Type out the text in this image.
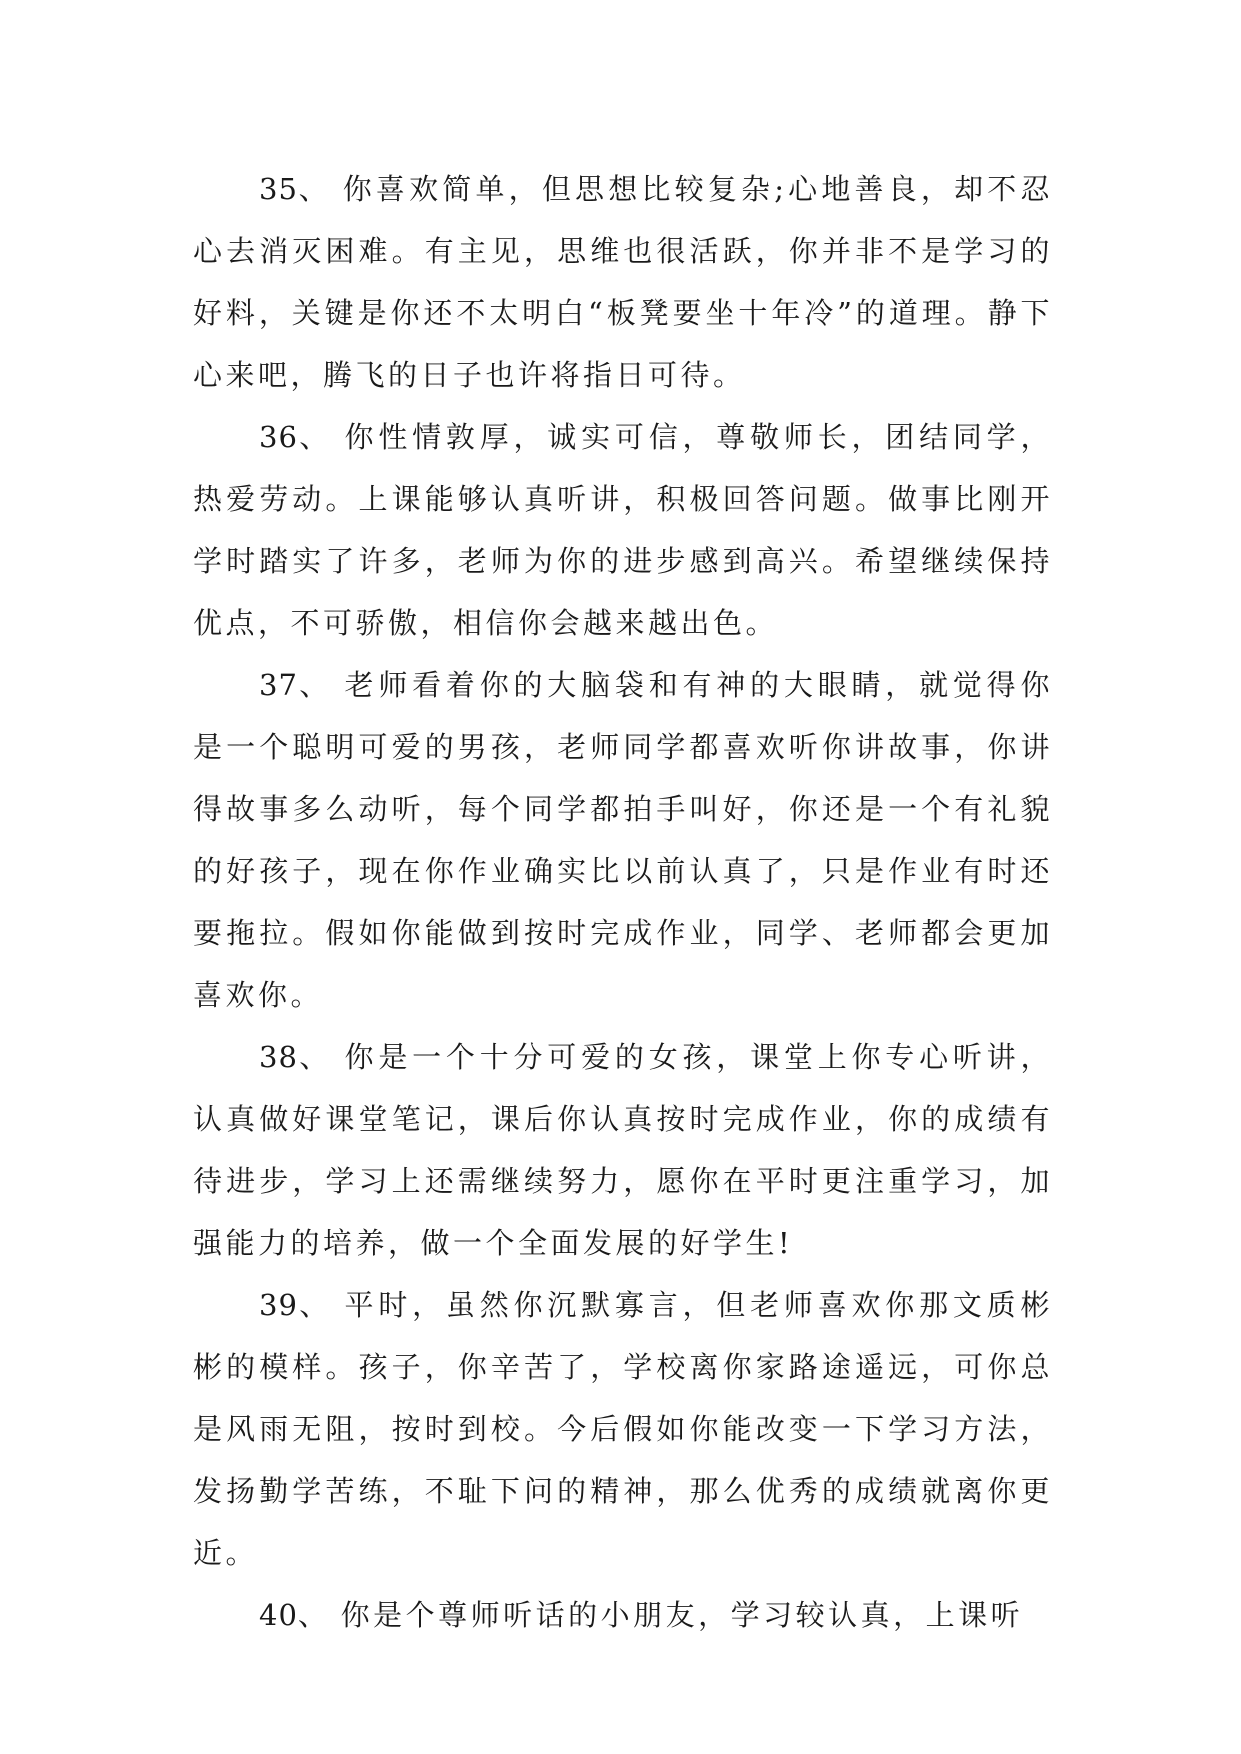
35、 你喜欢简单，但思想比较复杂;心地善良，却不忍心去消灭困难。有主见，思维也很活跃，你并非不是学习的好料，关键是你还不太明白“板凳要坐十年冷”的道理。静下心来吧，腾飞的日子也许将指日可待。

36、 你性情敦厚，诚实可信，尊敬师长，团结同学，热爱劳动。上课能够认真听讲，积极回答问题。做事比刚开学时踏实了许多，老师为你的进步感到高兴。希望继续保持优点，不可骄傲，相信你会越来越出色。

37、 老师看着你的大脑袋和有神的大眼睛，就觉得你是一个聪明可爱的男孩，老师同学都喜欢听你讲故事，你讲得故事多么动听，每个同学都拍手叫好，你还是一个有礼貌的好孩子，现在你作业确实比以前认真了，只是作业有时还要拖拉。假如你能做到按时完成作业，同学、老师都会更加喜欢你。

38、 你是一个十分可爱的女孩，课堂上你专心听讲，认真做好课堂笔记，课后你认真按时完成作业，你的成绩有待进步，学习上还需继续努力，愿你在平时更注重学习，加强能力的培养，做一个全面发展的好学生!

39、 平时，虽然你沉默寡言，但老师喜欢你那文质彬彬的模样。孩子，你辛苦了，学校离你家路途遥远，可你总是风雨无阻，按时到校。今后假如你能改变一下学习方法，发扬勤学苦练，不耻下问的精神，那么优秀的成绩就离你更近。

40、 你是个尊师听话的小朋友，学习较认真，上课听
